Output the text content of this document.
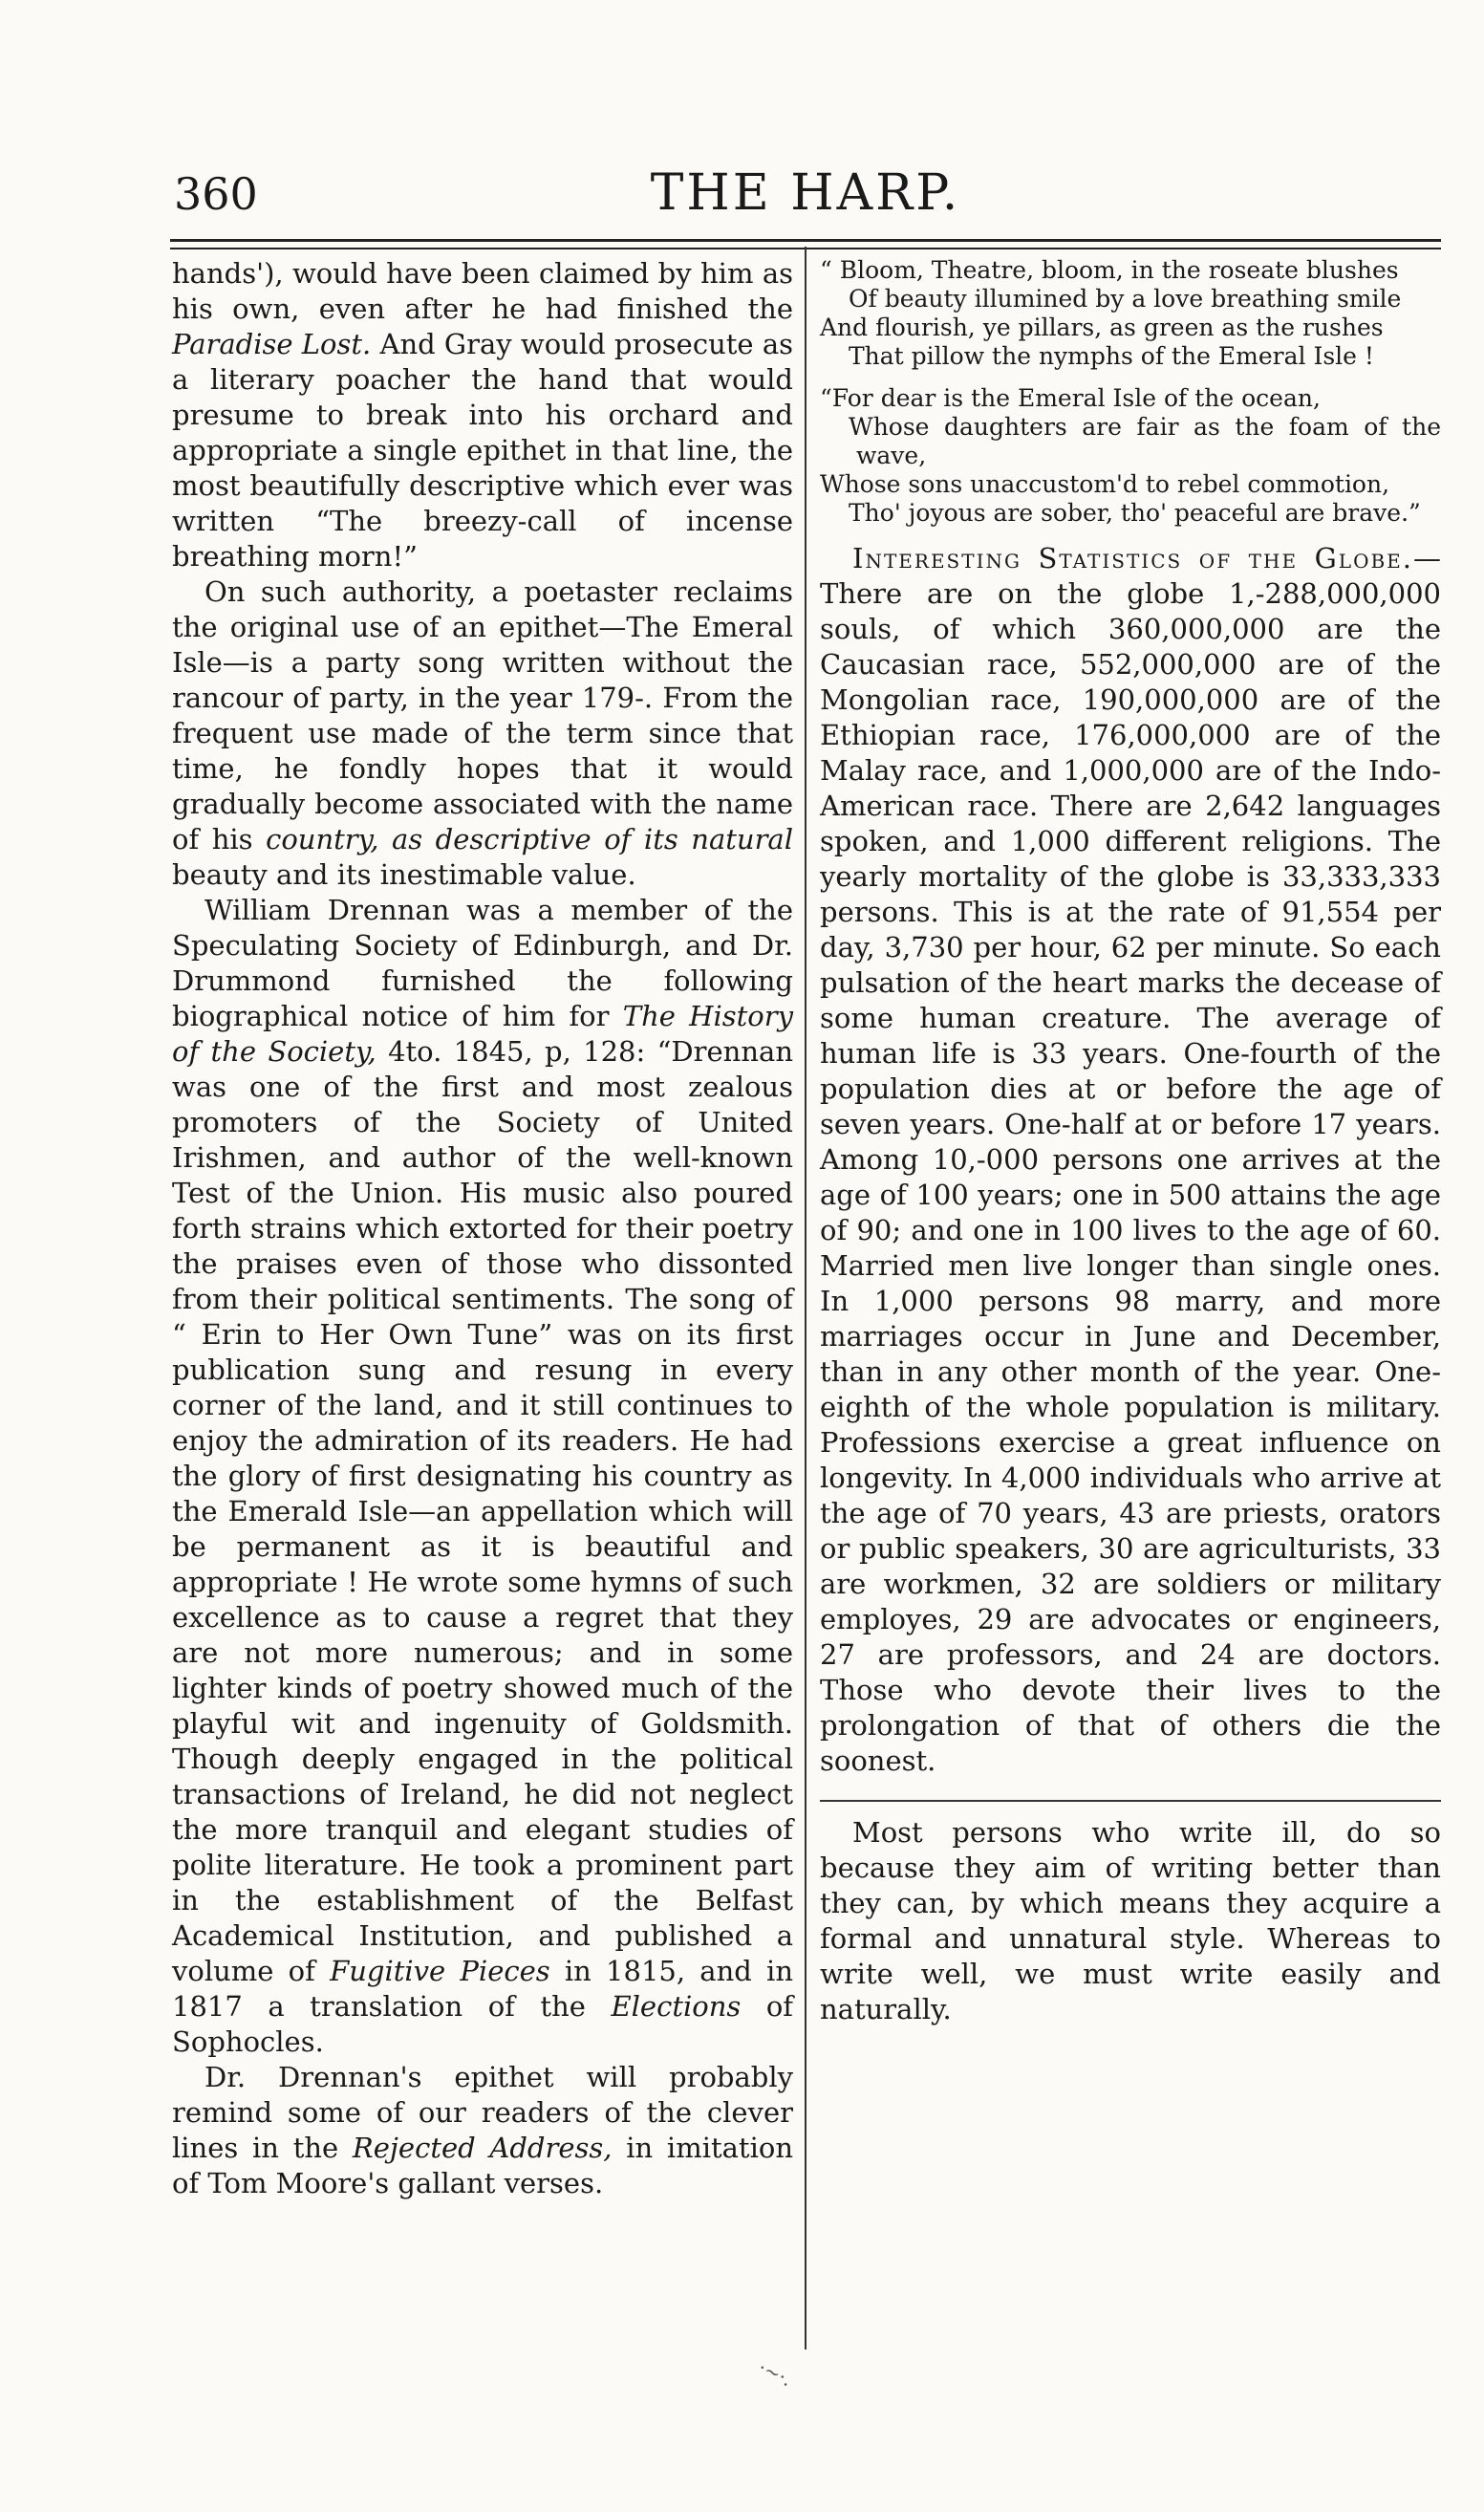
360	THE HARP.

hands'), would have been claimed by him as his own, even after he had finished the Paradise Lost. And Gray would prosecute as a literary poacher the hand that would presume to break into his orchard and appropriate a single epithet in that line, the most beautifully descriptive which ever was written “The breezy-call of incense breathing morn!”

On such authority, a poetaster reclaims the original use of an epithet—The Emeral Isle—is a party song written without the rancour of party, in the year 179-. From the frequent use made of the term since that time, he fondly hopes that it would gradually become associated with the name of his country, as descriptive of its natural beauty and its inestimable value.

William Drennan was a member of the Speculating Society of Edinburgh, and Dr. Drummond furnished the following biographical notice of him for The History of the Society, 4to. 1845, p, 128: “Drennan was one of the first and most zealous promoters of the Society of United Irishmen, and author of the well-known Test of the Union. His music also poured forth strains which extorted for their poetry the praises even of those who dissonted from their political sentiments. The song of “ Erin to Her Own Tune” was on its first publication sung and resung in every corner of the land, and it still continues to enjoy the admiration of its readers. He had the glory of first designating his country as the Emerald Isle—an appellation which will be permanent as it is beautiful and appropriate ! He wrote some hymns of such excellence as to cause a regret that they are not more numerous; and in some lighter kinds of poetry showed much of the playful wit and ingenuity of Goldsmith. Though deeply engaged in the political transactions of Ireland, he did not neglect the more tranquil and elegant studies of polite literature. He took a prominent part in the establishment of the Belfast Academical Institution, and published a volume of Fugitive Pieces in 1815, and in 1817 a translation of the Elections of Sophocles.

Dr. Drennan's epithet will probably remind some of our readers of the clever lines in the Rejected Address, in imitation of Tom Moore's gallant verses.

“ Bloom, Theatre, bloom, in the roseate blushes
Of beauty illumined by a love breathing smile
And flourish, ye pillars, as green as the rushes
That pillow the nymphs of the Emeral Isle !
“For dear is the Emeral Isle of the ocean,
Whose daughters are fair as the foam of the wave,
Whose sons unaccustom'd to rebel commotion,
Tho' joyous are sober, tho' peaceful are brave.”

Interesting Statistics of the Globe.—There are on the globe 1,-288,000,000 souls, of which 360,000,000 are the Caucasian race, 552,000,000 are of the Mongolian race, 190,000,000 are of the Ethiopian race, 176,000,000 are of the Malay race, and 1,000,000 are of the Indo-American race. There are 2,642 languages spoken, and 1,000 different religions. The yearly mortality of the globe is 33,333,333 persons. This is at the rate of 91,554 per day, 3,730 per hour, 62 per minute. So each pulsation of the heart marks the decease of some human creature. The average of human life is 33 years. One-fourth of the population dies at or before the age of seven years. One-half at or before 17 years. Among 10,-000 persons one arrives at the age of 100 years; one in 500 attains the age of 90; and one in 100 lives to the age of 60. Married men live longer than single ones. In 1,000 persons 98 marry, and more marriages occur in June and December, than in any other month of the year. One-eighth of the whole population is military. Professions exercise a great influence on longevity. In 4,000 individuals who arrive at the age of 70 years, 43 are priests, orators or public speakers, 30 are agriculturists, 33 are workmen, 32 are soldiers or military employes, 29 are advocates or engineers, 27 are professors, and 24 are doctors. Those who devote their lives to the prolongation of that of others die the soonest.

Most persons who write ill, do so because they aim of writing better than they can, by which means they acquire a formal and unnatural style. Whereas to write well, we must write easily and naturally.

·~·.
